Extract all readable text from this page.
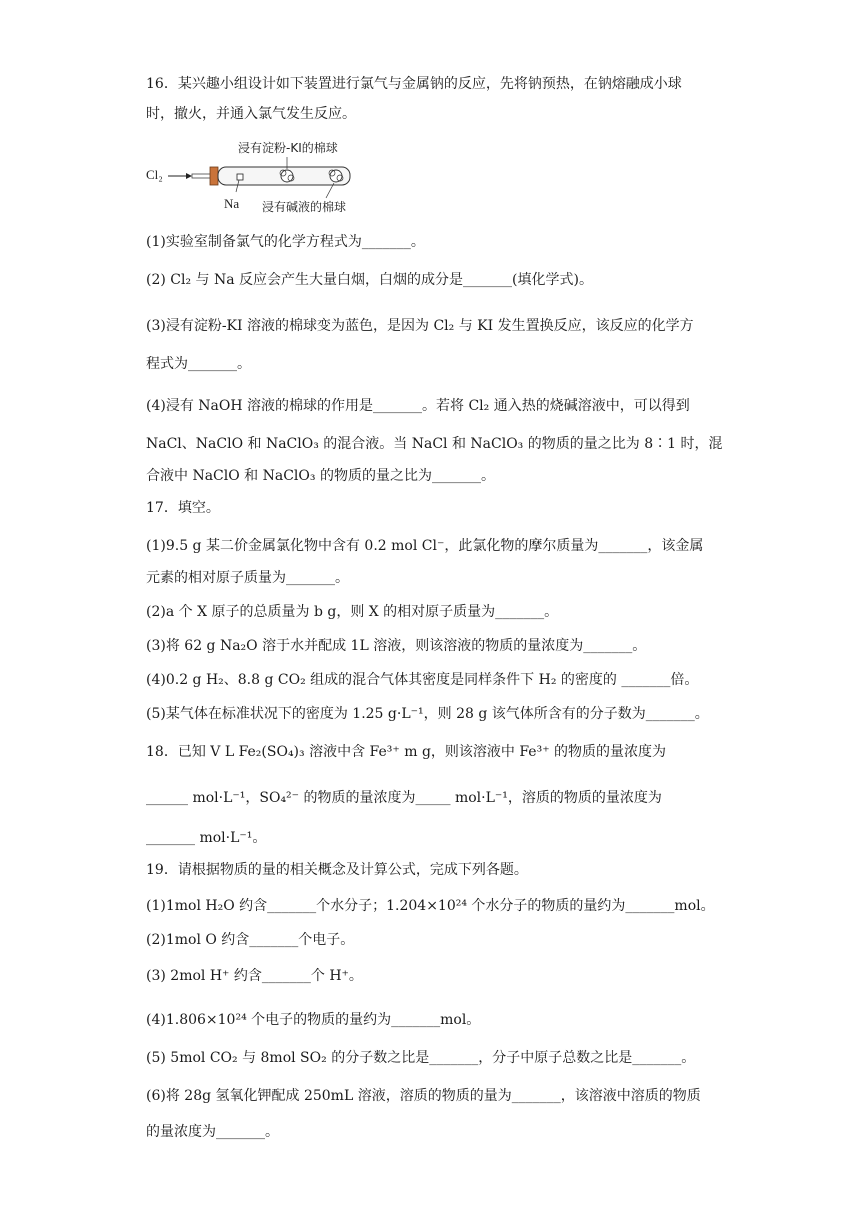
16．某兴趣小组设计如下装置进行氯气与金属钠的反应，先将钠预热，在钠熔融成小球
时，撤火，并通入氯气发生反应。
Cl₂
浸有淀粉-KI的棉球
Na 浸有碱液的棉球
(1)实验室制备氯气的化学方程式为_______。
(2) Cl₂ 与 Na 反应会产生大量白烟，白烟的成分是_______(填化学式)。
(3)浸有淀粉-KI 溶液的棉球变为蓝色，是因为 Cl₂ 与 KI 发生置换反应，该反应的化学方
程式为_______。
(4)浸有 NaOH 溶液的棉球的作用是_______。若将 Cl₂ 通入热的烧碱溶液中，可以得到
NaCl、NaClO 和 NaClO₃ 的混合液。当 NaCl 和 NaClO₃ 的物质的量之比为 8∶1 时，混
合液中 NaClO 和 NaClO₃ 的物质的量之比为_______。
17．填空。
(1)9.5 g 某二价金属氯化物中含有 0.2 mol Cl⁻，此氯化物的摩尔质量为_______，该金属
元素的相对原子质量为_______。
(2)a 个 X 原子的总质量为 b g，则 X 的相对原子质量为_______。
(3)将 62 g Na₂O 溶于水并配成 1L 溶液，则该溶液的物质的量浓度为_______。
(4)0.2 g H₂、8.8 g CO₂ 组成的混合气体其密度是同样条件下 H₂ 的密度的 _______倍。
(5)某气体在标准状况下的密度为 1.25 g·L⁻¹，则 28 g 该气体所含有的分子数为_______。
18．已知 V L Fe₂(SO₄)₃ 溶液中含 Fe³⁺ m g，则该溶液中 Fe³⁺ 的物质的量浓度为
______ mol·L⁻¹，SO₄²⁻ 的物质的量浓度为_____ mol·L⁻¹，溶质的物质的量浓度为
_______ mol·L⁻¹。
19．请根据物质的量的相关概念及计算公式，完成下列各题。
(1)1mol H₂O 约含_______个水分子；1.204×10²⁴ 个水分子的物质的量约为_______mol。
(2)1mol O 约含_______个电子。
(3) 2mol H⁺ 约含_______个 H⁺。
(4)1.806×10²⁴ 个电子的物质的量约为_______mol。
(5) 5mol CO₂ 与 8mol SO₂ 的分子数之比是_______，分子中原子总数之比是_______。
(6)将 28g 氢氧化钾配成 250mL 溶液，溶质的物质的量为_______，该溶液中溶质的物质
的量浓度为_______。
